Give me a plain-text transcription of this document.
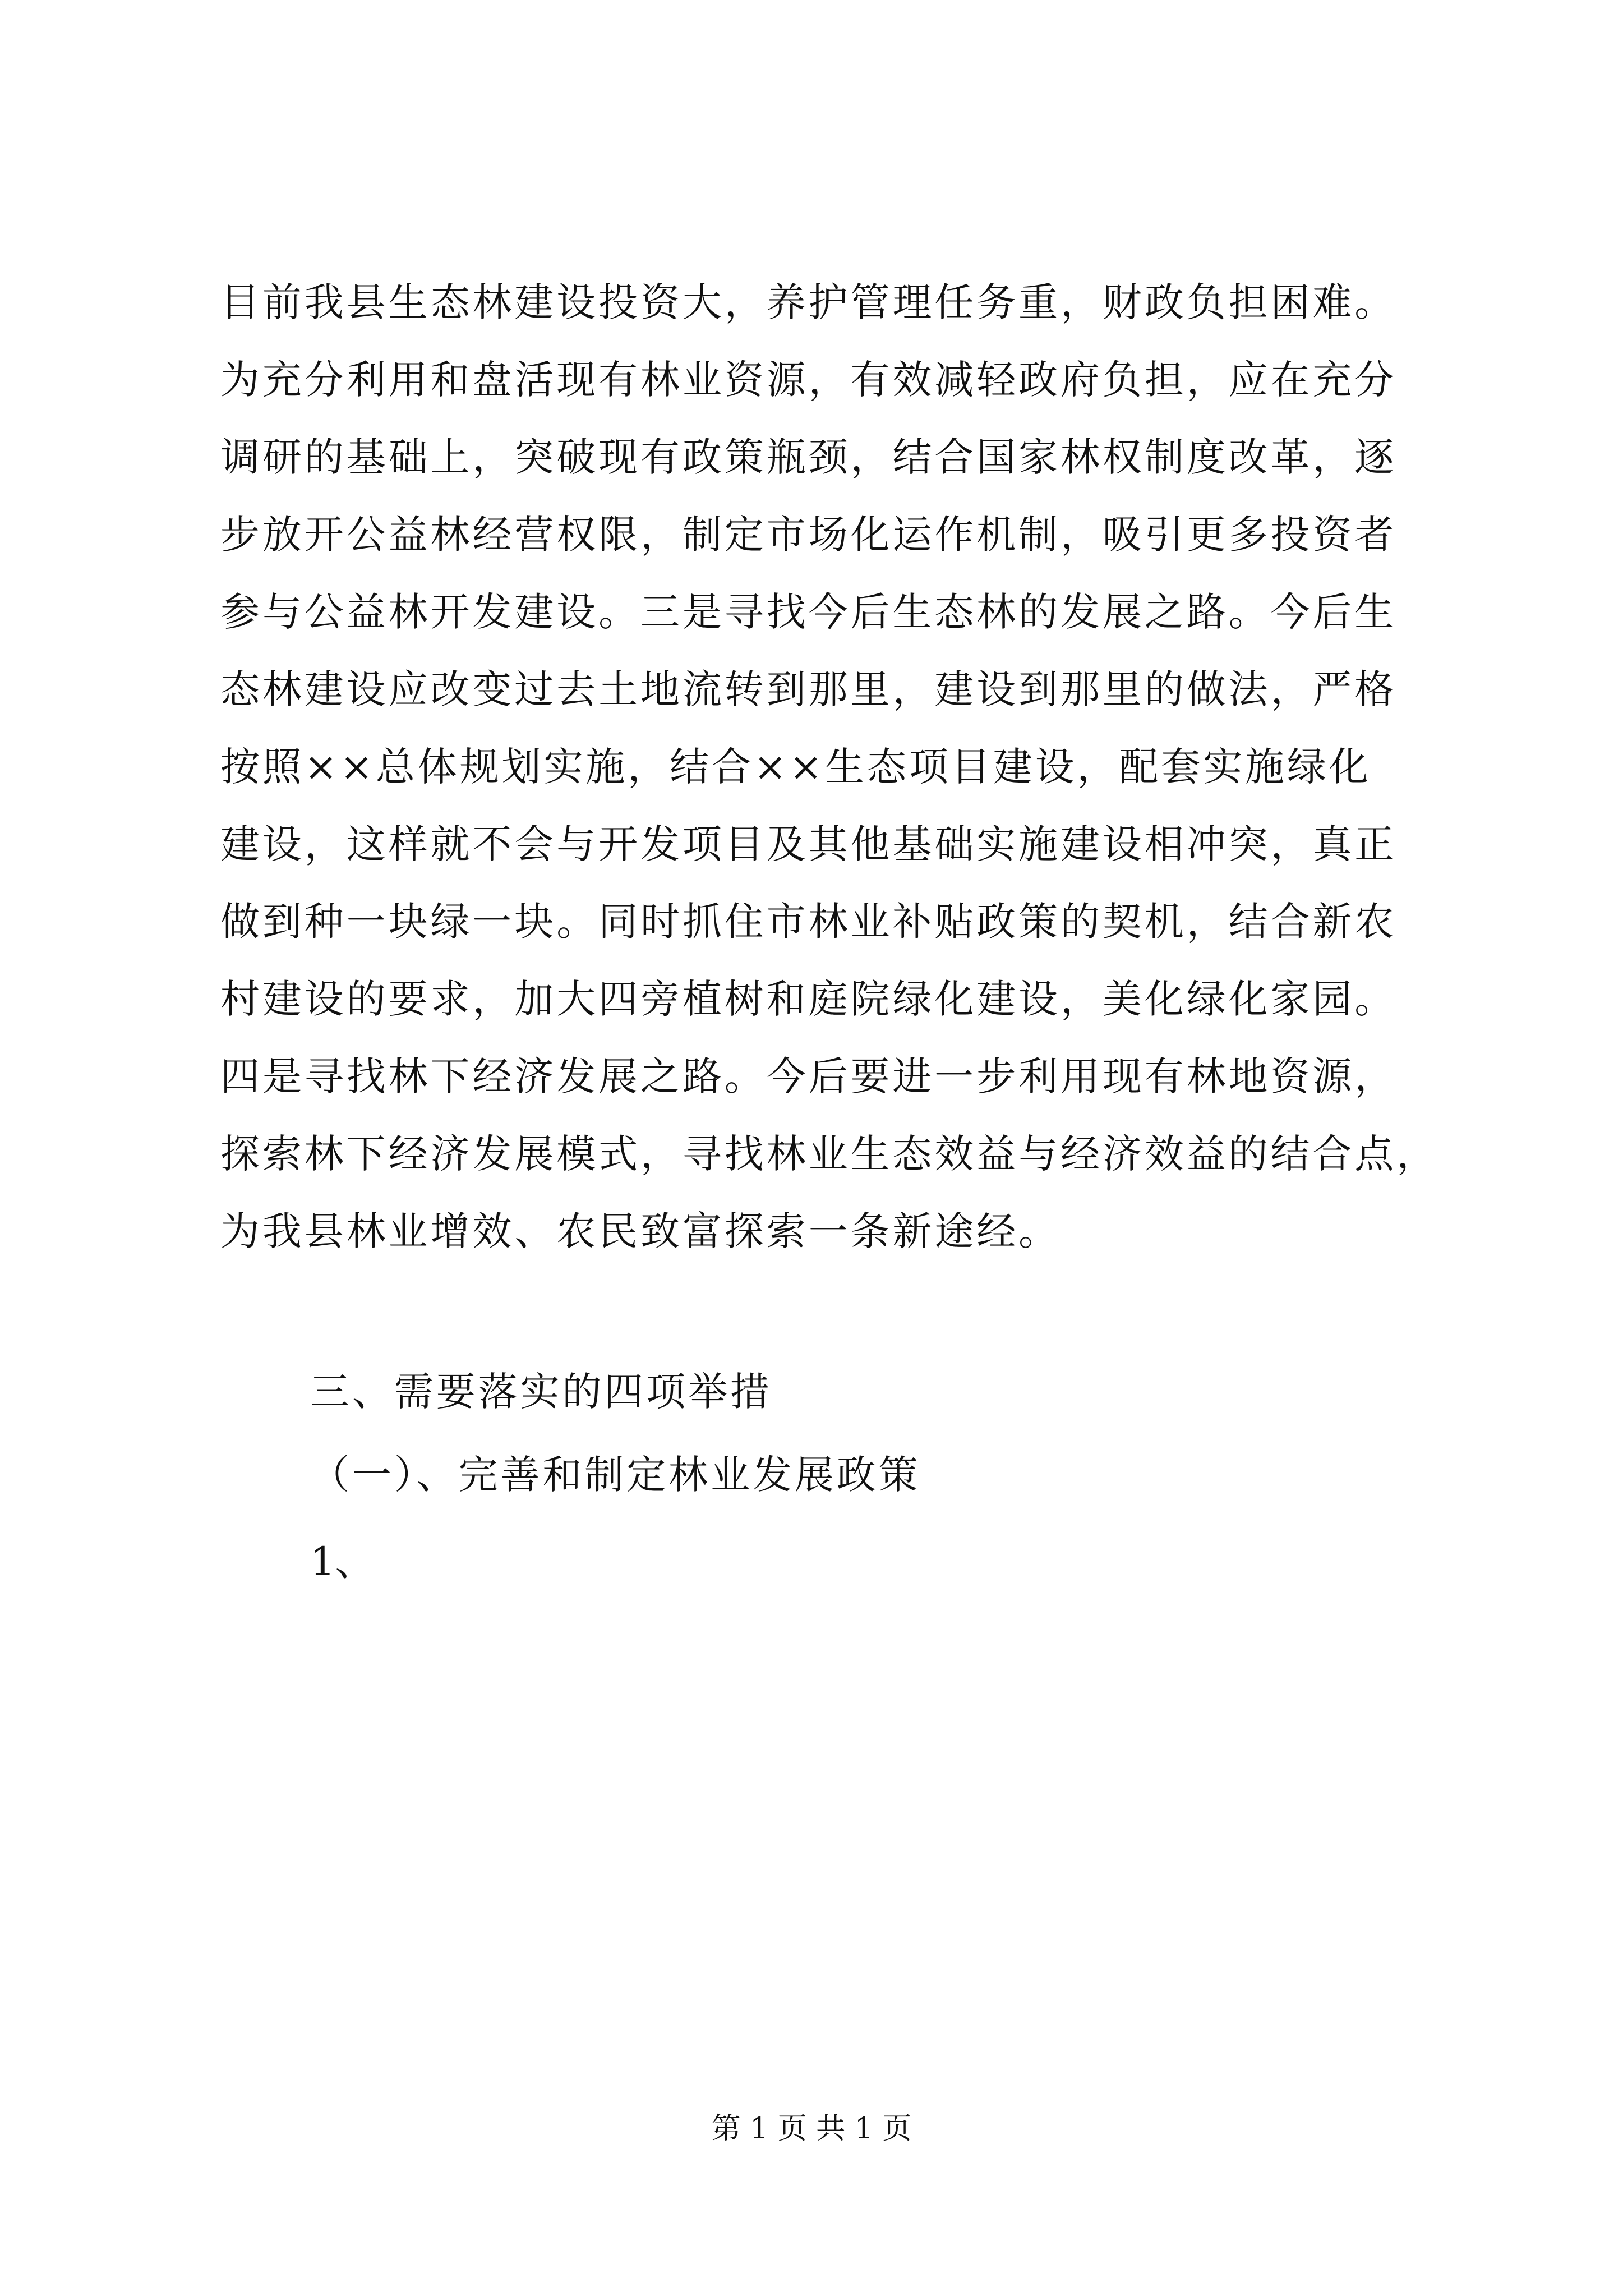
目前我县生态林建设投资大，养护管理任务重，财政负担困难。
为充分利用和盘活现有林业资源，有效减轻政府负担，应在充分
调研的基础上，突破现有政策瓶颈，结合国家林权制度改革，逐
步放开公益林经营权限，制定市场化运作机制，吸引更多投资者
参与公益林开发建设。三是寻找今后生态林的发展之路。今后生
态林建设应改变过去土地流转到那里，建设到那里的做法，严格
按照××总体规划实施，结合××生态项目建设，配套实施绿化
建设，这样就不会与开发项目及其他基础实施建设相冲突，真正
做到种一块绿一块。同时抓住市林业补贴政策的契机，结合新农
村建设的要求，加大四旁植树和庭院绿化建设，美化绿化家园。
四是寻找林下经济发展之路。今后要进一步利用现有林地资源，
探索林下经济发展模式，寻找林业生态效益与经济效益的结合点，
为我县林业增效、农民致富探索一条新途经。
三、需要落实的四项举措
（一）、完善和制定林业发展政策
1、
第 1 页 共 1 页
